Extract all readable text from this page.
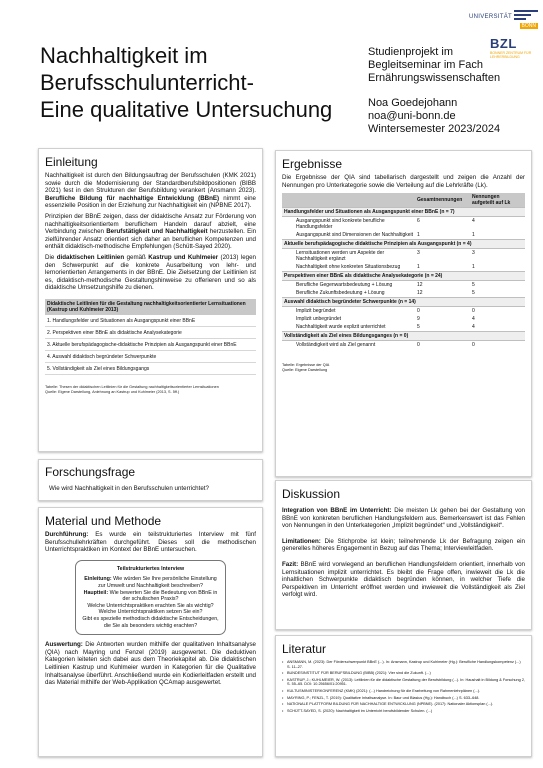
UNIVERSITÄT
BONN
BZL
BONNER ZENTRUM FÜR LEHRERBILDUNG
Nachhaltigkeit im
Berufsschulunterricht-
Eine qualitative Untersuchung
Studienprojekt im
Begleitseminar im Fach
Ernährungswissenschaften
Noa Goedejohann
noa@uni-bonn.de
Wintersemester 2023/2024
Einleitung

Nachhaltigkeit ist durch den Bildungsauftrag der Berufsschulen (KMK 2021) sowie durch die Modernisierung der Standardberufsbildpositionen (BIBB 2021) fest in den Strukturen der Berufsbildung verankert (Ansmann 2023). Berufliche Bildung für nachhaltige Entwicklung (BBnE) nimmt eine essenzielle Position in der Erziehung zur Nachhaltigkeit ein (NPBNE 2017).

Prinzipien der BBnE zeigen, dass der didaktische Ansatz zur Förderung von nachhaltigkeitsorientiertem beruflichem Handeln darauf abzielt, eine Verbindung zwischen Berufstätigkeit und Nachhaltigkeit herzustellen. Ein zielführender Ansatz orientiert sich daher an beruflichen Kompetenzen und enthält didaktisch-methodische Empfehlungen (Schütt-Sayed 2020).

Die didaktischen Leitlinien gemäß Kastrup und Kuhlmeier (2013) legen den Schwerpunkt auf die konkrete Ausarbeitung von lehr- und lernorientierten Arrangements in der BBnE. Die Zielsetzung der Leitlinien ist es, didaktisch-methodische Gestaltungshinweise zu offerieren und so als didaktische Umsetzungshilfe zu dienen.

Didaktische Leitlinien für die Gestaltung nachhaltigkeitsorientierter Lernsituationen (Kastrup und Kuhlmeier 2013)
1. Handlungsfelder und Situationen als Ausgangspunkt einer BBnE
2. Perspektiven einer BBnE als didaktische Analysekategorie
3. Aktuelle berufspädagogische-didaktische Prinzipien als Ausgangspunkt einer BBnE
4. Auswahl didaktisch begründeter Schwerpunkte
5. Vollständigkeit als Ziel eines Bildungsgangs
Tabelle: Thesen der didaktischen Leitlinien für die Gestaltung nachhaltigkeitsorientierter Lernsituationen
Quelle: Eigene Darstellung, Anlehnung an Kastrup und Kuhlmeier (2013, S. 5ff.)
Forschungsfrage

Wie wird Nachhaltigkeit in den Berufsschulen unterrichtet?

Material und Methode

Durchführung: Es wurde ein teilstrukturiertes Interview mit fünf Berufsschullehrkräften durchgeführt. Dieses soll die methodischen Unterrichtspraktiken im Kontext der BBnE untersuchen.

Teilstrukturiertes Interview
Einleitung: Wie würden Sie Ihre persönliche Einstellung zur Umwelt und Nachhaltigkeit beschreiben?
Hauptteil: Wie bewerten Sie die Bedeutung von BBnE in der schulischen Praxis?
Welche Unterrichtspraktiken erachten Sie als wichtig?
Welche Unterrichtspraktiken setzen Sie ein?
Gibt es spezielle methodisch didaktische Entscheidungen, die Sie als besonders wichtig erachten?

Auswertung: Die Antworten wurden mithilfe der qualitativen Inhaltsanalyse (QIA) nach Mayring und Fenzel (2019) ausgewertet. Die deduktiven Kategorien leiteten sich dabei aus dem Theoriekapitel ab. Die didaktischen Leitlinien Kastrup und Kuhlmeier wurden in Kategorien für die Qualitative Inhaltsanalyse überführt. Anschließend wurde ein Kodierleitfaden erstellt und das Material mithilfe der Web-Applikation QCAmap ausgewertet.

Ergebnisse

Die Ergebnisse der QIA sind tabellarisch dargestellt und zeigen die Anzahl der Nennungen pro Unterkategorie sowie die Verteilung auf die Lehrkräfte (Lk).

	Gesamtnennungen	Nennungen aufgeteilt auf Lk
Handlungsfelder und Situationen als Ausgangspunkt einer BBnE (n = 7)		
Ausgangspunkt sind konkrete berufliche Handlungsfelder	6	4
Ausgangspunkt sind Dimensionen der Nachhaltigkeit	1	1
Aktuelle berufspädagogische didaktische Prinzipien als Ausgangspunkt (n = 4)		
Lernsituationen werden um Aspekte der Nachhaltigkeit ergänzt	3	3
Nachhaltigkeit ohne konkreten Situationsbezug	1	1
Perspektiven einer BBnE als didaktische Analysekategorie (n = 24)		
Berufliche Gegenwartsbedeutung + Lösung	12	5
Berufliche Zukunftsbedeutung + Lösung	12	5
Auswahl didaktisch begründeter Schwerpunkte (n = 14)		
Implizit begründet	0	0
Implizit unbegründet	9	4
Nachhaltigkeit wurde explizit unterrichtet	5	4
Vollständigkeit als Ziel eines Bildungsganges (n = 0)		
Vollständigkeit wird als Ziel genannt	0	0
Tabelle: Ergebnisse der QIA
Quelle: Eigene Darstellung
Diskussion

Integration von BBnE im Unterricht: Die meisten Lk gehen bei der Gestaltung von BBnE von konkreten beruflichen Handlungsfeldern aus. Bemerkenswert ist das Fehlen von Nennungen in den Unterkategorien „Implizit begründet“ und „Vollständigkeit“.

Limitationen: Die Stichprobe ist klein; teilnehmende Lk der Befragung zeigen ein generelles höheres Engagement in Bezug auf das Thema; Interviewleitfaden.

Fazit: BBnE wird vorwiegend an beruflichen Handlungsfeldern orientiert, innerhalb von Lernsituationen implizit unterrichtet. Es bleibt die Frage offen, inwieweit die Lk die inhaltlichen Schwerpunkte didaktisch begründen können, in welcher Tiefe die Perspektiven im Unterricht eröffnet werden und inwieweit die Vollständigkeit als Ziel verfolgt wird.

Literatur
• ANSMANN, M. (2023): Der Förderschwerpunkt BBnE (...). In: Ansmann, Kastrup und Kuhlmeier (Hg.): Berufliche Handlungskompetenz (...) S. 11–27.
• BUNDESINSTITUT FÜR BERUFSBILDUNG (BIBB) (2021): Vier sind die Zukunft. (...)
• KASTRUP, J.; KUHLMEIER, W. (2013): Leitlinien für die didaktische Gestaltung der Berufsbildung (...). In: Haushalt in Bildung & Forschung 2, S. 55–65. DOI: 10.25656/01:20951.
• KULTUSMINISTERKONFERENZ (KMK) (2021): (...) Handreichung für die Erarbeitung von Rahmenlehrplänen (...).
• MAYRING, P.; FENZL, T. (2019): Qualitative Inhaltsanalyse. In: Baur und Blasius (Hg.): Handbuch (...) S. 633–648.
• NATIONALE PLATTFORM BILDUNG FÜR NACHHALTIGE ENTWICKLUNG (NPBNE). (2017): Nationaler Aktionsplan (...).
• SCHÜTT-SAYED, S. (2020): Nachhaltigkeit im Unterricht berufsbildender Schulen. (...)
